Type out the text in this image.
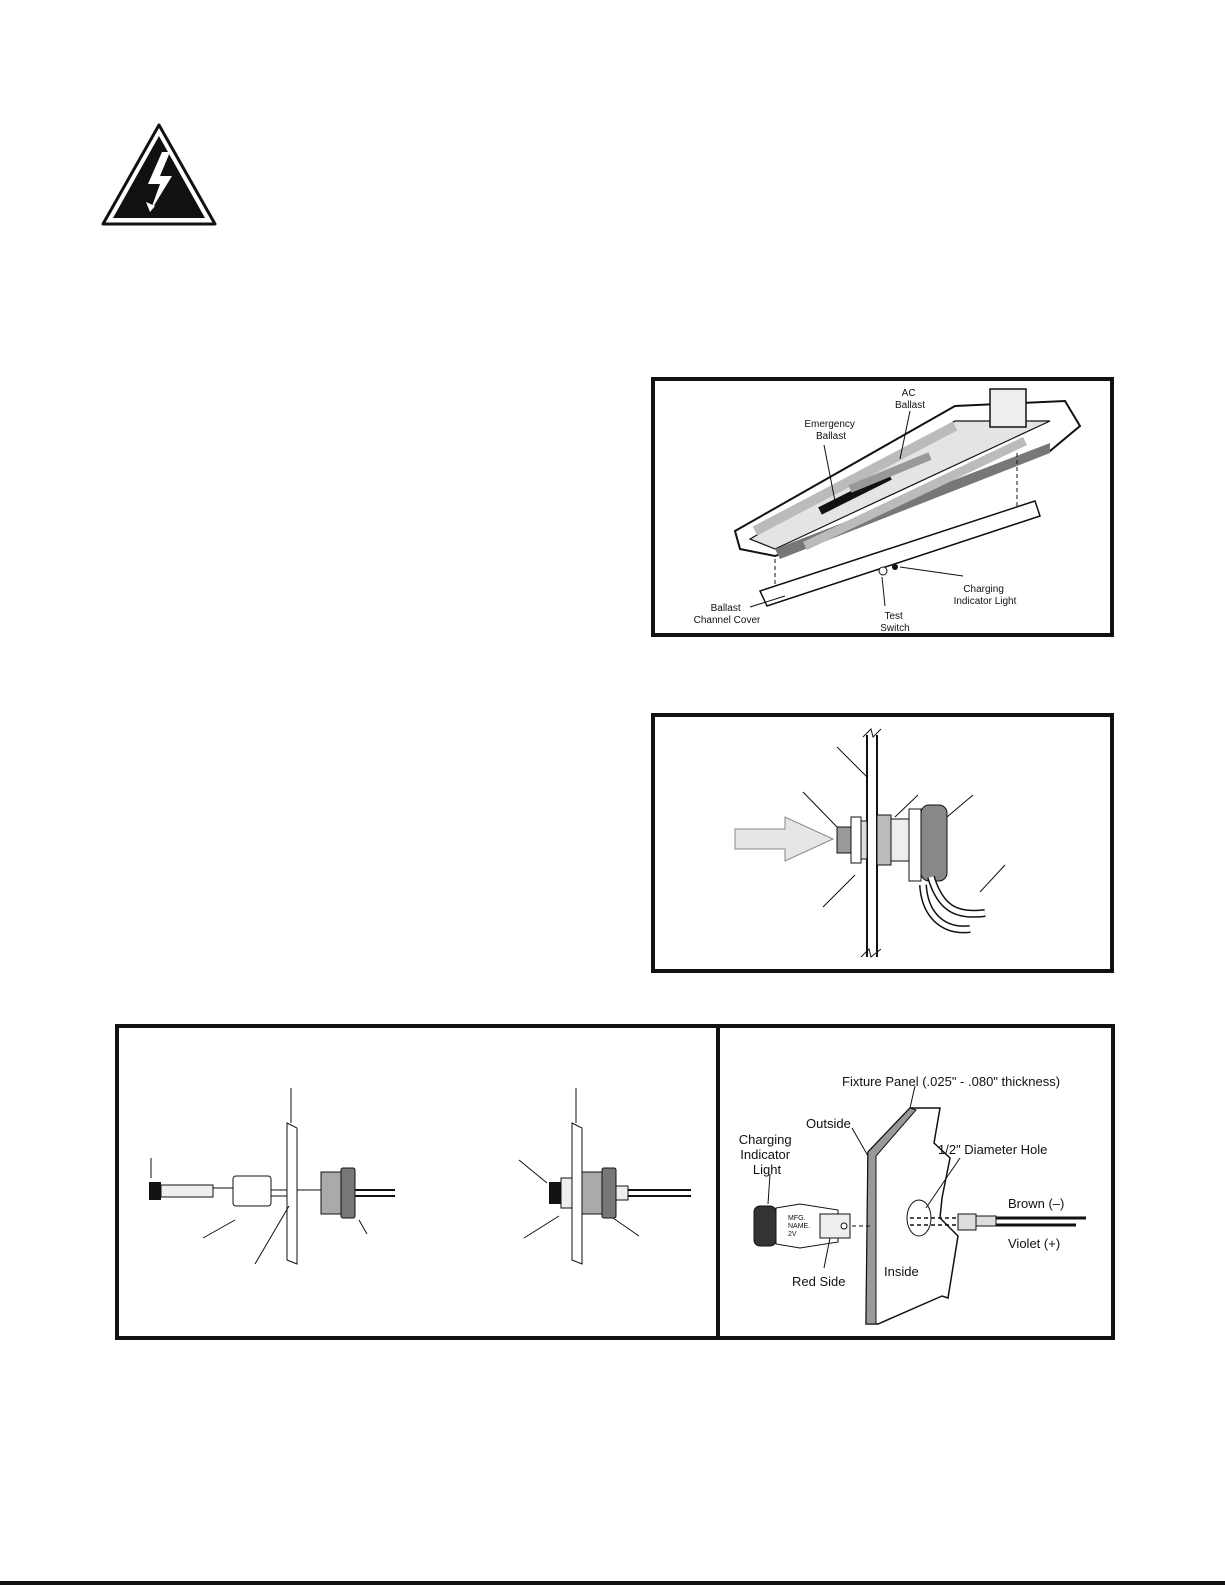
AC Ballast
Emergency Ballast
Charging Indicator Light
Ballast Channel Cover	Test Switch
Fixture Panel (.025" - .080" thickness)
Outside
Charging Indicator Light
1/2" Diameter Hole
Brown (–)
Violet (+)
Red Side
Inside
MFG. NAME. 2V
